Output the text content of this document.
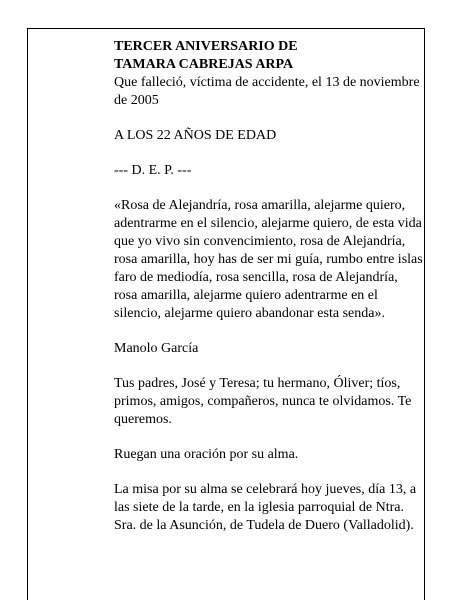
TERCER ANIVERSARIO DE

TAMARA CABREJAS ARPA

Que falleció, víctima de accidente, el 13 de noviembre de 2005

A LOS 22 AÑOS DE EDAD

--- D. E. P. ---

«Rosa de Alejandría, rosa amarilla, alejarme quiero, adentrarme en el silencio, alejarme quiero, de esta vida que yo vivo sin convencimiento, rosa de Alejandría, rosa amarilla, hoy has de ser mi guía, rumbo entre islas faro de mediodía, rosa sencilla, rosa de Alejandría, rosa amarilla, alejarme quiero adentrarme en el silencio, alejarme quiero abandonar esta senda».

Manolo García

Tus padres, José y Teresa; tu hermano, Óliver; tíos, primos, amigos, compañeros, nunca te olvidamos. Te queremos.

Ruegan una oración por su alma.

La misa por su alma se celebrará hoy jueves, día 13, a las siete de la tarde, en la iglesia parroquial de Ntra. Sra. de la Asunción, de Tudela de Duero (Valladolid).
